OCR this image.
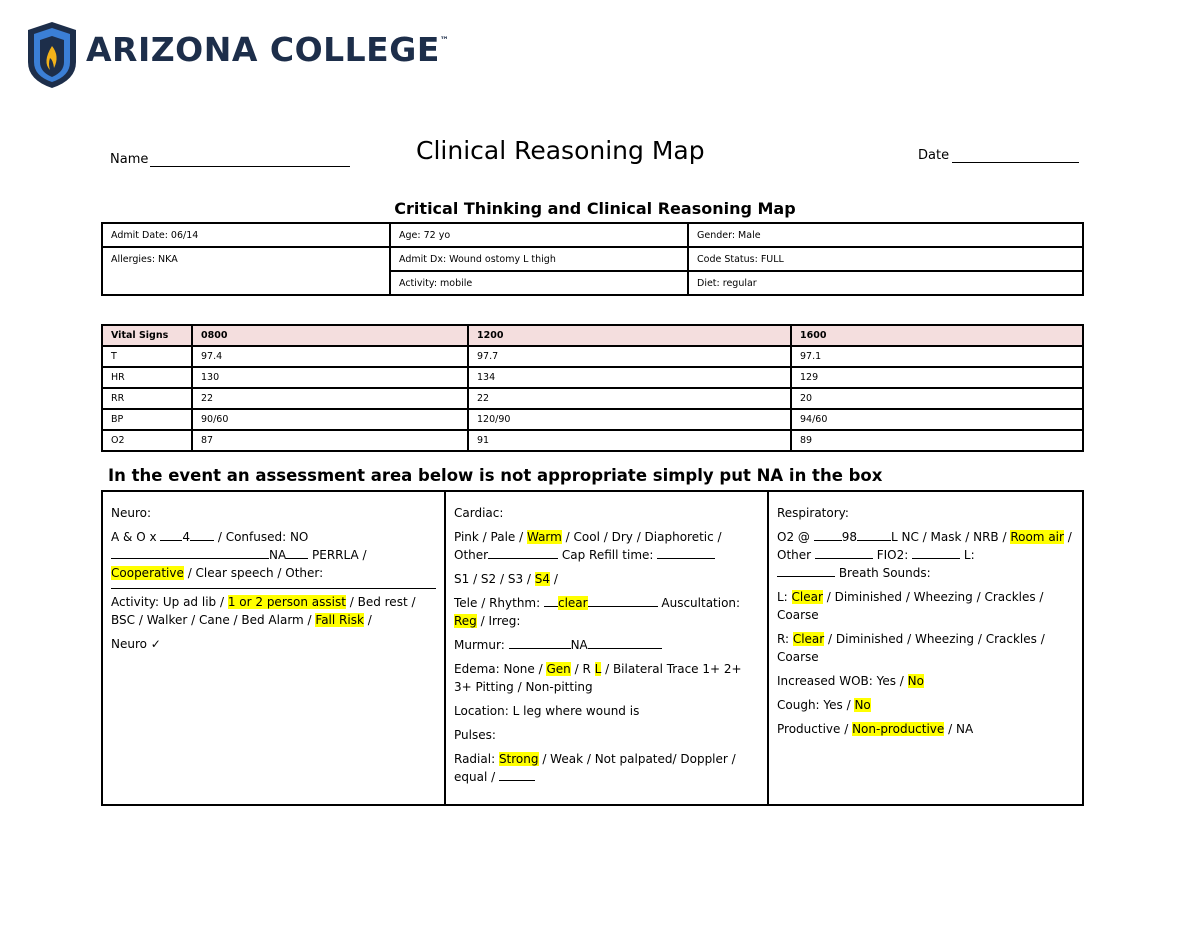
ARIZONA COLLEGE™
Name	Clinical Reasoning Map	Date
Critical Thinking and Clinical Reasoning Map
Admit Date: 06/14	Age: 72 yo	Gender: Male
Allergies: NKA	Admit Dx: Wound ostomy L thigh	Code Status: FULL
	Activity: mobile	Diet: regular
Vital Signs	0800	1200	1600
T	97.4	97.7	97.1
HR	130	134	129
RR	22	22	20
BP	90/60	120/90	94/60
O2	87	91	89
In the event an assessment area below is not appropriate simply put NA in the box

Neuro:

A & O x 4 / Confused: NO
NA PERRLA /
Cooperative / Clear speech / Other:

Activity: Up ad lib / 1 or 2 person assist / Bed rest / BSC / Walker / Cane / Bed Alarm / Fall Risk /

Neuro ✓

Cardiac:

Pink / Pale / Warm / Cool / Dry / Diaphoretic / Other	Cap Refill time:

S1 / S2 / S3 / S4 /

Tele / Rhythm: clear	Auscultation:
Reg / Irreg:

Murmur:	NA

Edema: None / Gen / R L / Bilateral Trace 1+ 2+ 3+ Pitting / Non-pitting

Location: L leg where wound is

Pulses:

Radial: Strong / Weak / Not palpated/ Doppler / equal /

Respiratory:

O2 @ 98	L NC / Mask / NRB / Room air / Other	FIO2:	L:
Breath Sounds:

L: Clear / Diminished / Wheezing / Crackles / Coarse

R: Clear / Diminished / Wheezing / Crackles / Coarse

Increased WOB: Yes / No

Cough: Yes / No

Productive / Non-productive / NA
